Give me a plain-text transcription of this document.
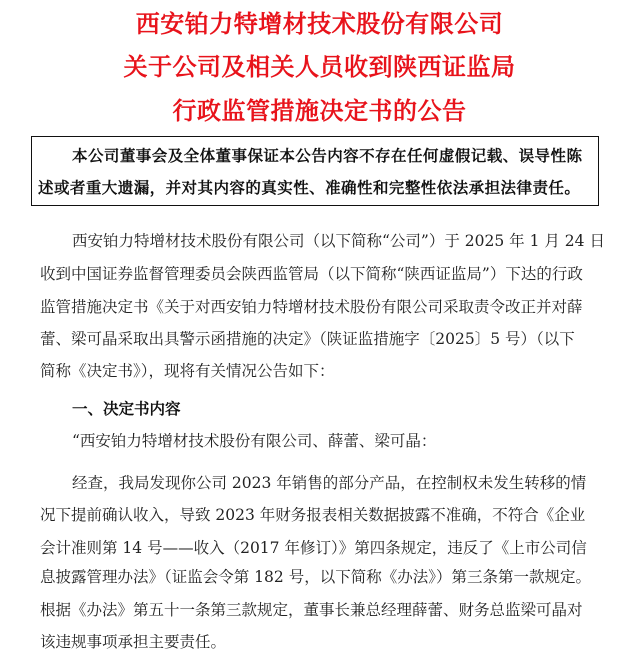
西安铂力特增材技术股份有限公司
关于公司及相关人员收到陕西证监局
行政监管措施决定书的公告
本公司董事会及全体董事保证本公告内容不存在任何虚假记载、误导性陈
述或者重大遗漏，并对其内容的真实性、准确性和完整性依法承担法律责任。
西安铂力特增材技术股份有限公司（以下简称“公司”）于 2025 年 1 月 24 日
收到中国证券监督管理委员会陕西监管局（以下简称“陕西证监局”）下达的行政
监管措施决定书《关于对西安铂力特增材技术股份有限公司采取责令改正并对薛
蕾、梁可晶采取出具警示函措施的决定》（陕证监措施字〔2025〕5 号）（以下
简称《决定书》），现将有关情况公告如下：
一、决定书内容
“西安铂力特增材技术股份有限公司、薛蕾、梁可晶：
经查，我局发现你公司 2023 年销售的部分产品，在控制权未发生转移的情
况下提前确认收入，导致 2023 年财务报表相关数据披露不准确，不符合《企业
会计准则第 14 号——收入（2017 年修订）》第四条规定，违反了《上市公司信
息披露管理办法》（证监会令第 182 号，以下简称《办法》）第三条第一款规定。
根据《办法》第五十一条第三款规定，董事长兼总经理薛蕾、财务总监梁可晶对
该违规事项承担主要责任。
